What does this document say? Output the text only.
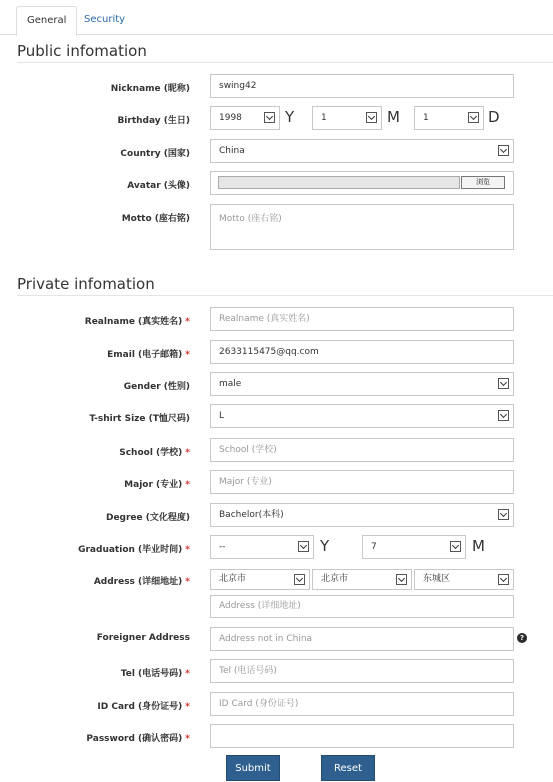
General	Security
Public infomation
Nickname (昵称)	swing42
Birthday (生日)	1998	Y	1	M	1	D
Country (国家)	China
Avatar (头像)	浏览
Motto (座右铭)	Motto (座右铭)
Private infomation
Realname (真实姓名) *	Realname (真实姓名)
Email (电子邮箱) *	2633115475@qq.com
Gender (性别)	male
T-shirt Size (T恤尺码)	L
School (学校) *	School (学校)
Major (专业) *	Major (专业)
Degree (文化程度)	Bachelor(本科)
Graduation (毕业时间) *	--	Y	7	M
Address (详细地址) *	北京市	北京市	东城区
Address (详细地址)
Foreigner Address	Address not in China	?
Tel (电话号码) *	Tel (电话号码)
ID Card (身份证号) *	ID Card (身份证号)
Password (确认密码) *
Submit	Reset
